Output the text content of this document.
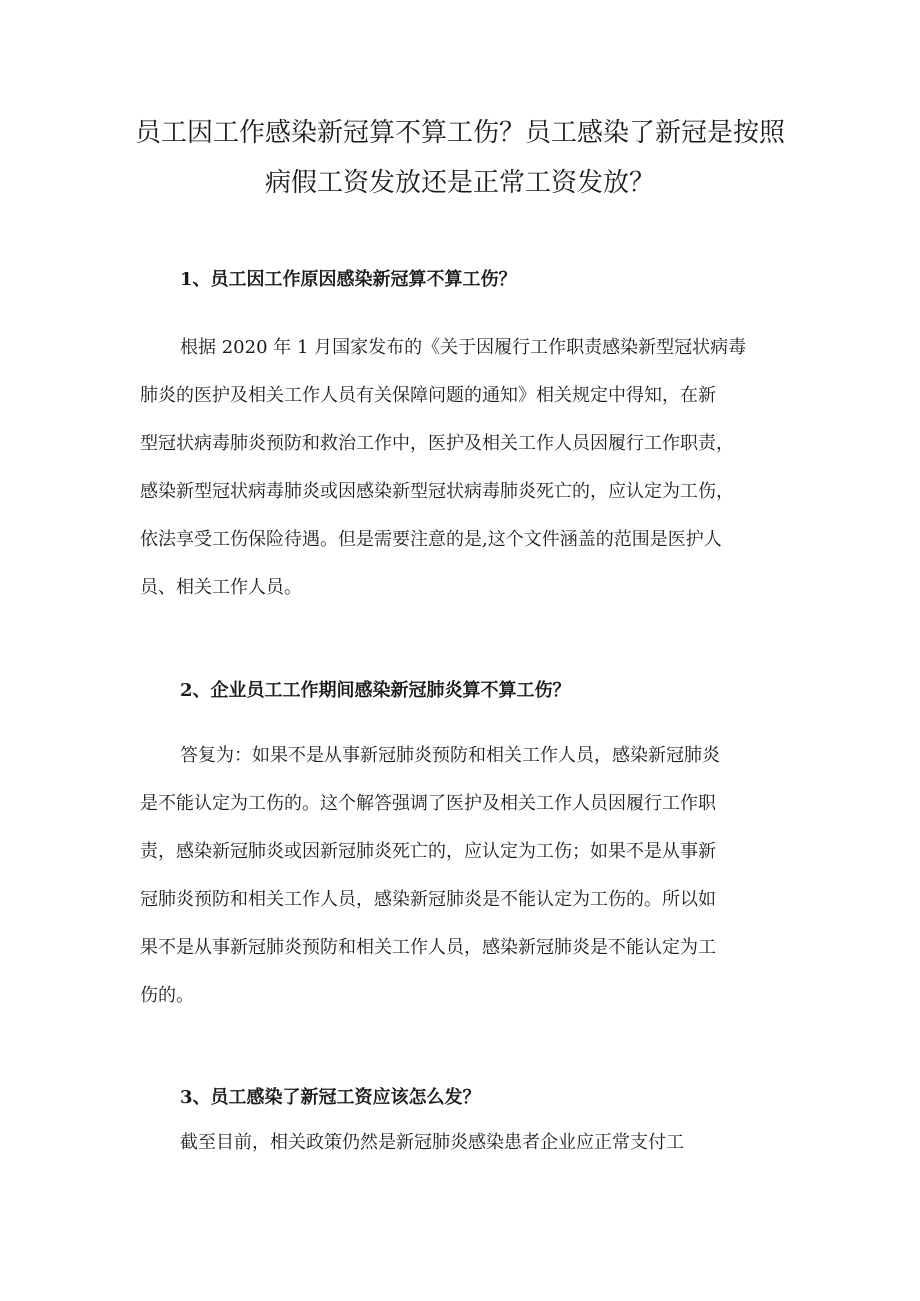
员工因工作感染新冠算不算工伤？员工感染了新冠是按照
病假工资发放还是正常工资发放？
1、员工因工作原因感染新冠算不算工伤？
根据 2020 年 1 月国家发布的《关于因履行工作职责感染新型冠状病毒
肺炎的医护及相关工作人员有关保障问题的通知》相关规定中得知，在新
型冠状病毒肺炎预防和救治工作中，医护及相关工作人员因履行工作职责，
感染新型冠状病毒肺炎或因感染新型冠状病毒肺炎死亡的，应认定为工伤，
依法享受工伤保险待遇。但是需要注意的是,这个文件涵盖的范围是医护人
员、相关工作人员。
2、企业员工工作期间感染新冠肺炎算不算工伤？
答复为：如果不是从事新冠肺炎预防和相关工作人员，感染新冠肺炎
是不能认定为工伤的。这个解答强调了医护及相关工作人员因履行工作职
责，感染新冠肺炎或因新冠肺炎死亡的，应认定为工伤；如果不是从事新
冠肺炎预防和相关工作人员，感染新冠肺炎是不能认定为工伤的。所以如
果不是从事新冠肺炎预防和相关工作人员，感染新冠肺炎是不能认定为工
伤的。
3、员工感染了新冠工资应该怎么发？
截至目前，相关政策仍然是新冠肺炎感染患者企业应正常支付工
